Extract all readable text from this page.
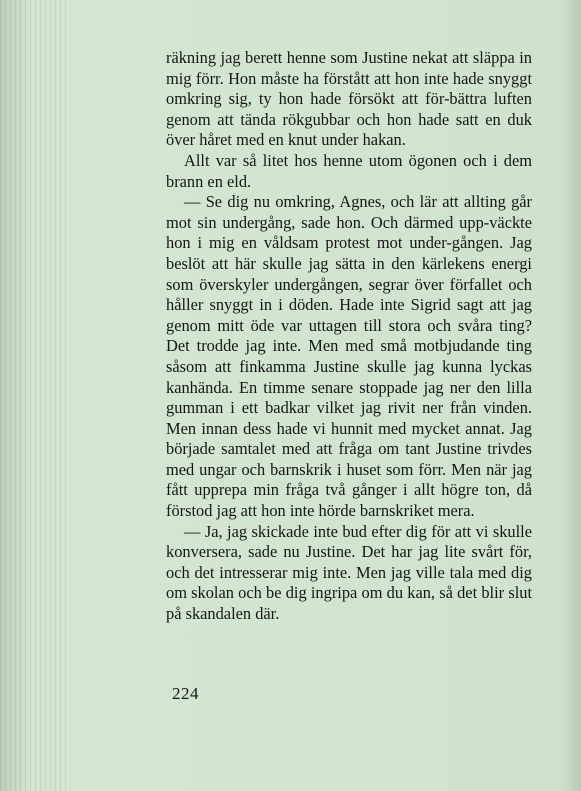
räkning jag berett henne som Justine nekat att släppa in mig förr. Hon måste ha förstått att hon inte hade snyggt omkring sig, ty hon hade försökt att för-bättra luften genom att tända rökgubbar och hon hade satt en duk över håret med en knut under hakan.

Allt var så litet hos henne utom ögonen och i dem brann en eld.

— Se dig nu omkring, Agnes, och lär att allting går mot sin undergång, sade hon. Och därmed upp-väckte hon i mig en våldsam protest mot under-gången. Jag beslöt att här skulle jag sätta in den kärlekens energi som överskyler undergången, segrar över förfallet och håller snyggt in i döden. Hade inte Sigrid sagt att jag genom mitt öde var uttagen till stora och svåra ting? Det trodde jag inte. Men med små motbjudande ting såsom att finkamma Justine skulle jag kunna lyckas kanhända. En timme senare stoppade jag ner den lilla gumman i ett badkar vilket jag rivit ner från vinden. Men innan dess hade vi hunnit med mycket annat. Jag började samtalet med att fråga om tant Justine trivdes med ungar och barnskrik i huset som förr. Men när jag fått upprepa min fråga två gånger i allt högre ton, då förstod jag att hon inte hörde barnskriket mera.

— Ja, jag skickade inte bud efter dig för att vi skulle konversera, sade nu Justine. Det har jag lite svårt för, och det intresserar mig inte. Men jag ville tala med dig om skolan och be dig ingripa om du kan, så det blir slut på skandalen där.

224
